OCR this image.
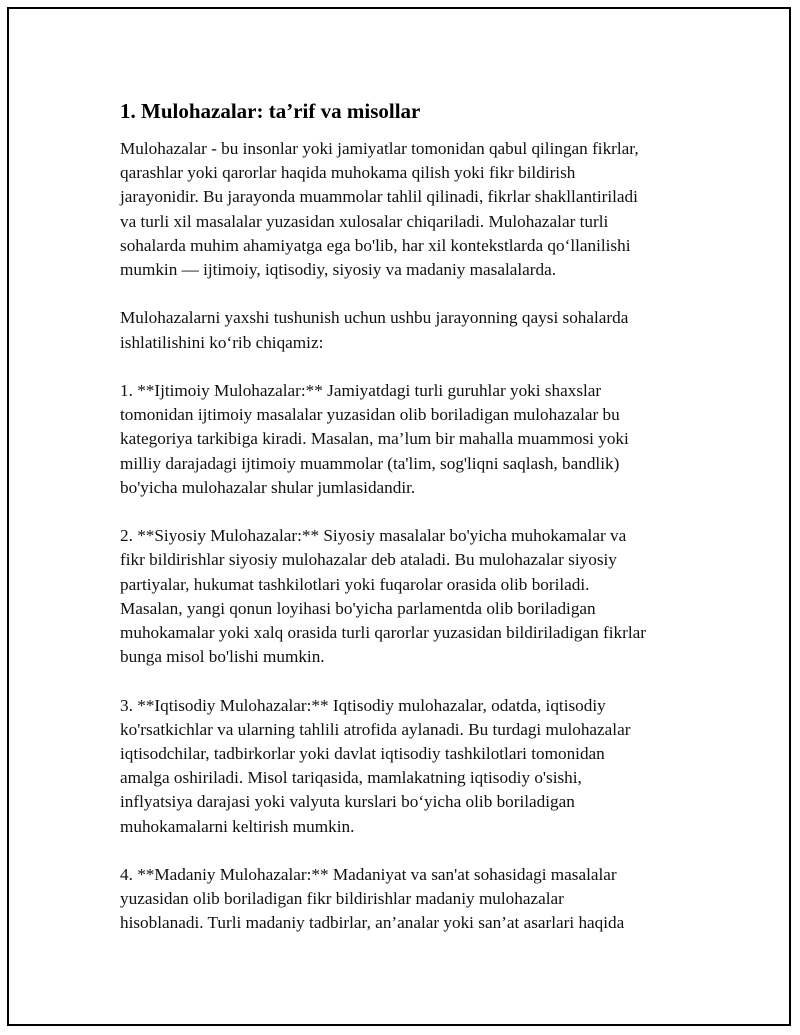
1. Mulohazalar: ta’rif va misollar

Mulohazalar - bu insonlar yoki jamiyatlar tomonidan qabul qilingan fikrlar,
qarashlar yoki qarorlar haqida muhokama qilish yoki fikr bildirish
jarayonidir. Bu jarayonda muammolar tahlil qilinadi, fikrlar shakllantiriladi
va turli xil masalalar yuzasidan xulosalar chiqariladi. Mulohazalar turli
sohalarda muhim ahamiyatga ega bo'lib, har xil kontekstlarda qo‘llanilishi
mumkin — ijtimoiy, iqtisodiy, siyosiy va madaniy masalalarda.

Mulohazalarni yaxshi tushunish uchun ushbu jarayonning qaysi sohalarda
ishlatilishini ko‘rib chiqamiz:

1. **Ijtimoiy Mulohazalar:** Jamiyatdagi turli guruhlar yoki shaxslar
tomonidan ijtimoiy masalalar yuzasidan olib boriladigan mulohazalar bu
kategoriya tarkibiga kiradi. Masalan, ma’lum bir mahalla muammosi yoki
milliy darajadagi ijtimoiy muammolar (ta'lim, sog'liqni saqlash, bandlik)
bo'yicha mulohazalar shular jumlasidandir.

2. **Siyosiy Mulohazalar:** Siyosiy masalalar bo'yicha muhokamalar va
fikr bildirishlar siyosiy mulohazalar deb ataladi. Bu mulohazalar siyosiy
partiyalar, hukumat tashkilotlari yoki fuqarolar orasida olib boriladi.
Masalan, yangi qonun loyihasi bo'yicha parlamentda olib boriladigan
muhokamalar yoki xalq orasida turli qarorlar yuzasidan bildiriladigan fikrlar
bunga misol bo'lishi mumkin.

3. **Iqtisodiy Mulohazalar:** Iqtisodiy mulohazalar, odatda, iqtisodiy
ko'rsatkichlar va ularning tahlili atrofida aylanadi. Bu turdagi mulohazalar
iqtisodchilar, tadbirkorlar yoki davlat iqtisodiy tashkilotlari tomonidan
amalga oshiriladi. Misol tariqasida, mamlakatning iqtisodiy o'sishi,
inflyatsiya darajasi yoki valyuta kurslari bo‘yicha olib boriladigan
muhokamalarni keltirish mumkin.

4. **Madaniy Mulohazalar:** Madaniyat va san'at sohasidagi masalalar
yuzasidan olib boriladigan fikr bildirishlar madaniy mulohazalar
hisoblanadi. Turli madaniy tadbirlar, an’analar yoki san’at asarlari haqida
